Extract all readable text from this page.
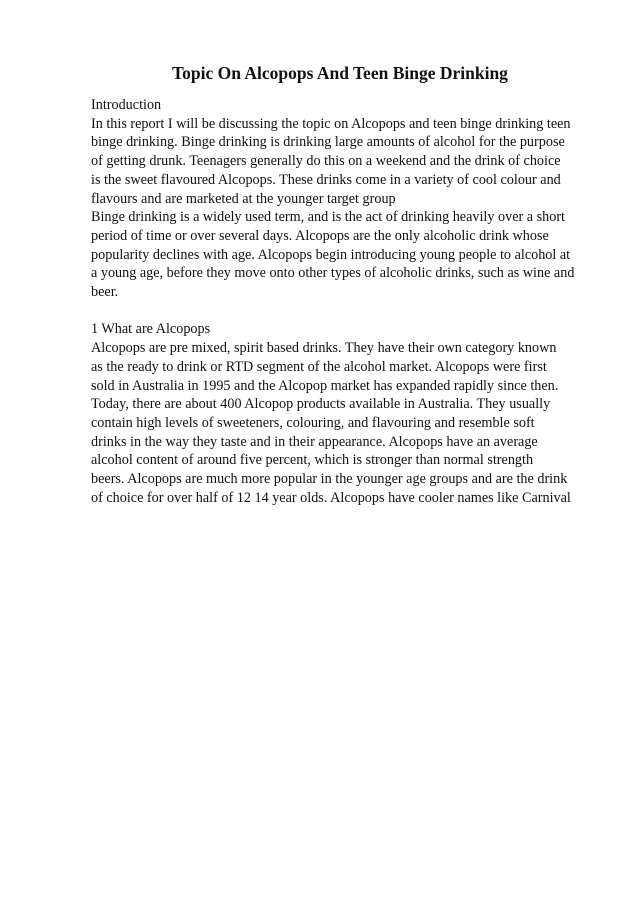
Topic On Alcopops And Teen Binge Drinking
Introduction
In this report I will be discussing the topic on Alcopops and teen binge drinking teen
binge drinking. Binge drinking is drinking large amounts of alcohol for the purpose
of getting drunk. Teenagers generally do this on a weekend and the drink of choice
is the sweet flavoured Alcopops. These drinks come in a variety of cool colour and
flavours and are marketed at the younger target group
Binge drinking is a widely used term, and is the act of drinking heavily over a short
period of time or over several days. Alcopops are the only alcoholic drink whose
popularity declines with age. Alcopops begin introducing young people to alcohol at
a young age, before they move onto other types of alcoholic drinks, such as wine and
beer.
1 What are Alcopops
Alcopops are pre mixed, spirit based drinks. They have their own category known
as the ready to drink or RTD segment of the alcohol market. Alcopops were first
sold in Australia in 1995 and the Alcopop market has expanded rapidly since then.
Today, there are about 400 Alcopop products available in Australia. They usually
contain high levels of sweeteners, colouring, and flavouring and resemble soft
drinks in the way they taste and in their appearance. Alcopops have an average
alcohol content of around five percent, which is stronger than normal strength
beers. Alcopops are much more popular in the younger age groups and are the drink
of choice for over half of 12 14 year olds. Alcopops have cooler names like Carnival
